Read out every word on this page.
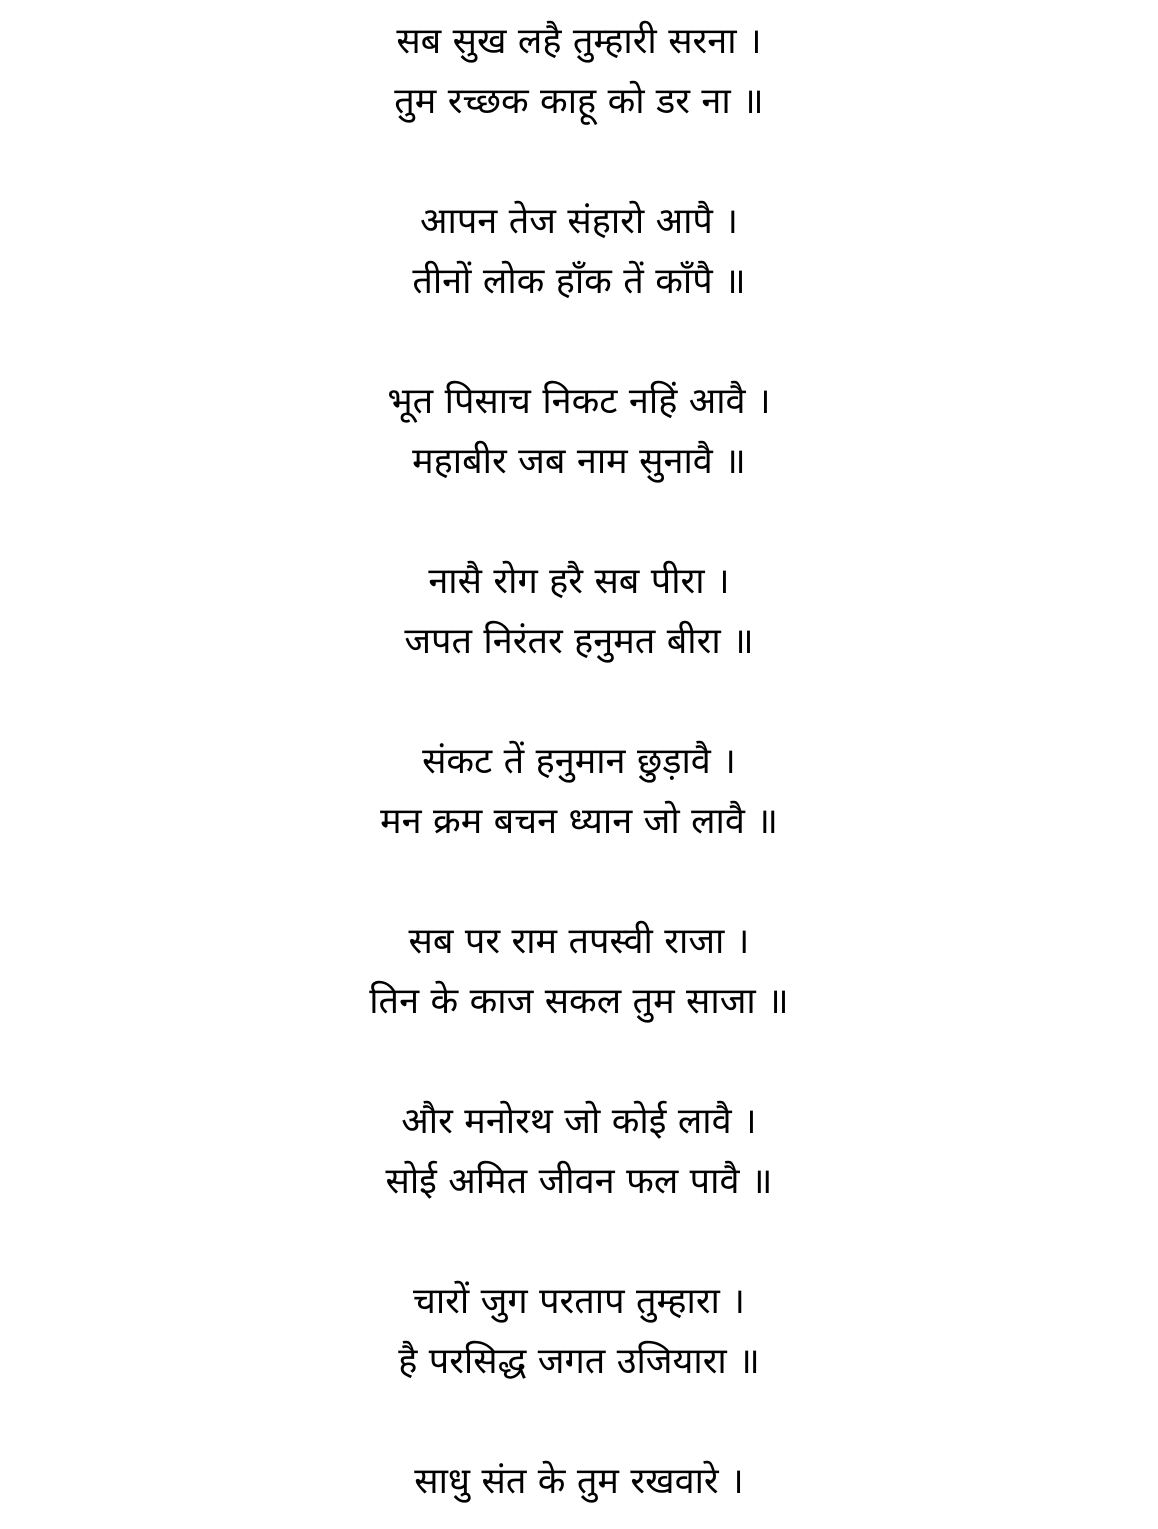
सब सुख लहै तुम्हारी सरना ।
तुम रच्छक काहू को डर ना ॥
आपन तेज संहारो आपै ।
तीनों लोक हाँक तें काँपै ॥
भूत पिसाच निकट नहिं आवै ।
महाबीर जब नाम सुनावै ॥
नासै रोग हरै सब पीरा ।
जपत निरंतर हनुमत बीरा ॥
संकट तें हनुमान छुड़ावै ।
मन क्रम बचन ध्यान जो लावै ॥
सब पर राम तपस्वी राजा ।
तिन के काज सकल तुम साजा ॥
और मनोरथ जो कोई लावै ।
सोई अमित जीवन फल पावै ॥
चारों जुग परताप तुम्हारा ।
है परसिद्ध जगत उजियारा ॥
साधु संत के तुम रखवारे ।
